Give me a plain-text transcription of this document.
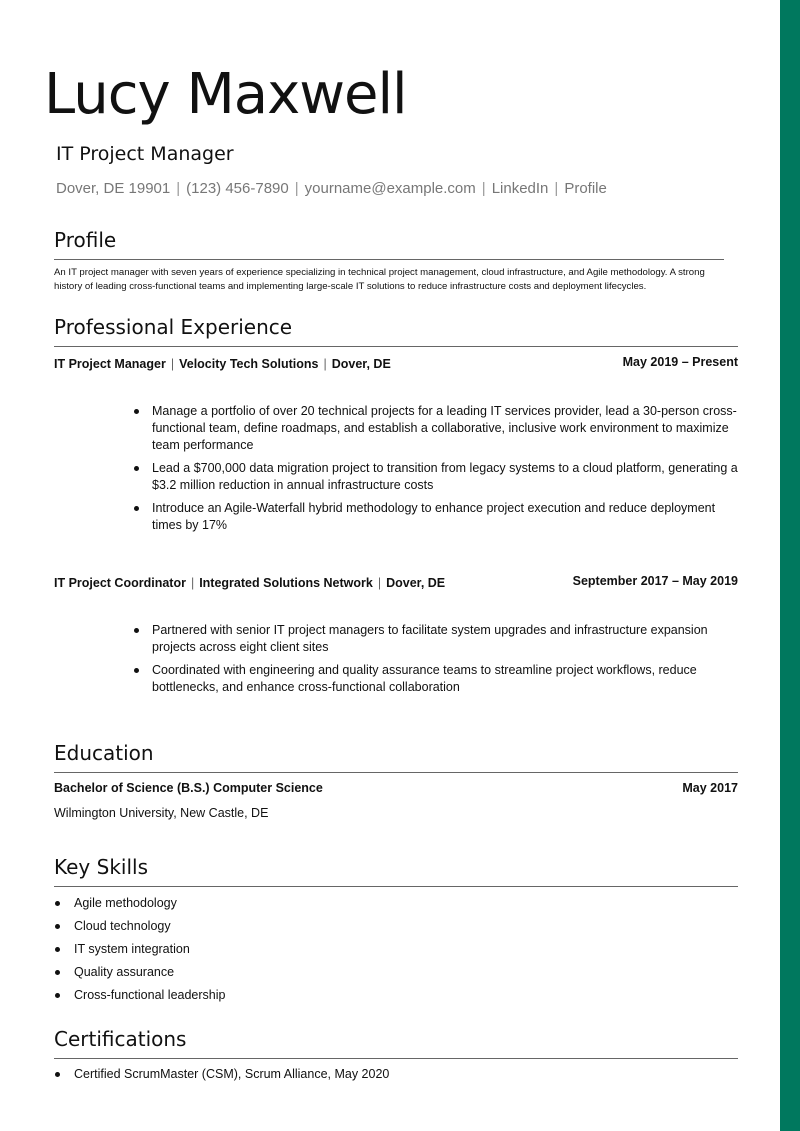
Lucy Maxwell
IT Project Manager
Dover, DE 19901 | (123) 456-7890 | yourname@example.com | LinkedIn | Profile
Profile

An IT project manager with seven years of experience specializing in technical project management, cloud infrastructure, and Agile methodology. A strong history of leading cross-functional teams and implementing large-scale IT solutions to reduce infrastructure costs and deployment lifecycles.

Professional Experience
IT Project Manager | Velocity Tech Solutions | Dover, DE	May 2019 – Present
Manage a portfolio of over 20 technical projects for a leading IT services provider, lead a 30-person cross-functional team, define roadmaps, and establish a collaborative, inclusive work environment to maximize team performance
Lead a $700,000 data migration project to transition from legacy systems to a cloud platform, generating a $3.2 million reduction in annual infrastructure costs
Introduce an Agile-Waterfall hybrid methodology to enhance project execution and reduce deployment times by 17%
IT Project Coordinator | Integrated Solutions Network | Dover, DE	September 2017 – May 2019
Partnered with senior IT project managers to facilitate system upgrades and infrastructure expansion projects across eight client sites
Coordinated with engineering and quality assurance teams to streamline project workflows, reduce bottlenecks, and enhance cross-functional collaboration
Education
Bachelor of Science (B.S.) Computer Science	May 2017
Wilmington University, New Castle, DE
Key Skills
Agile methodology
Cloud technology
IT system integration
Quality assurance
Cross-functional leadership
Certifications
Certified ScrumMaster (CSM), Scrum Alliance, May 2020
